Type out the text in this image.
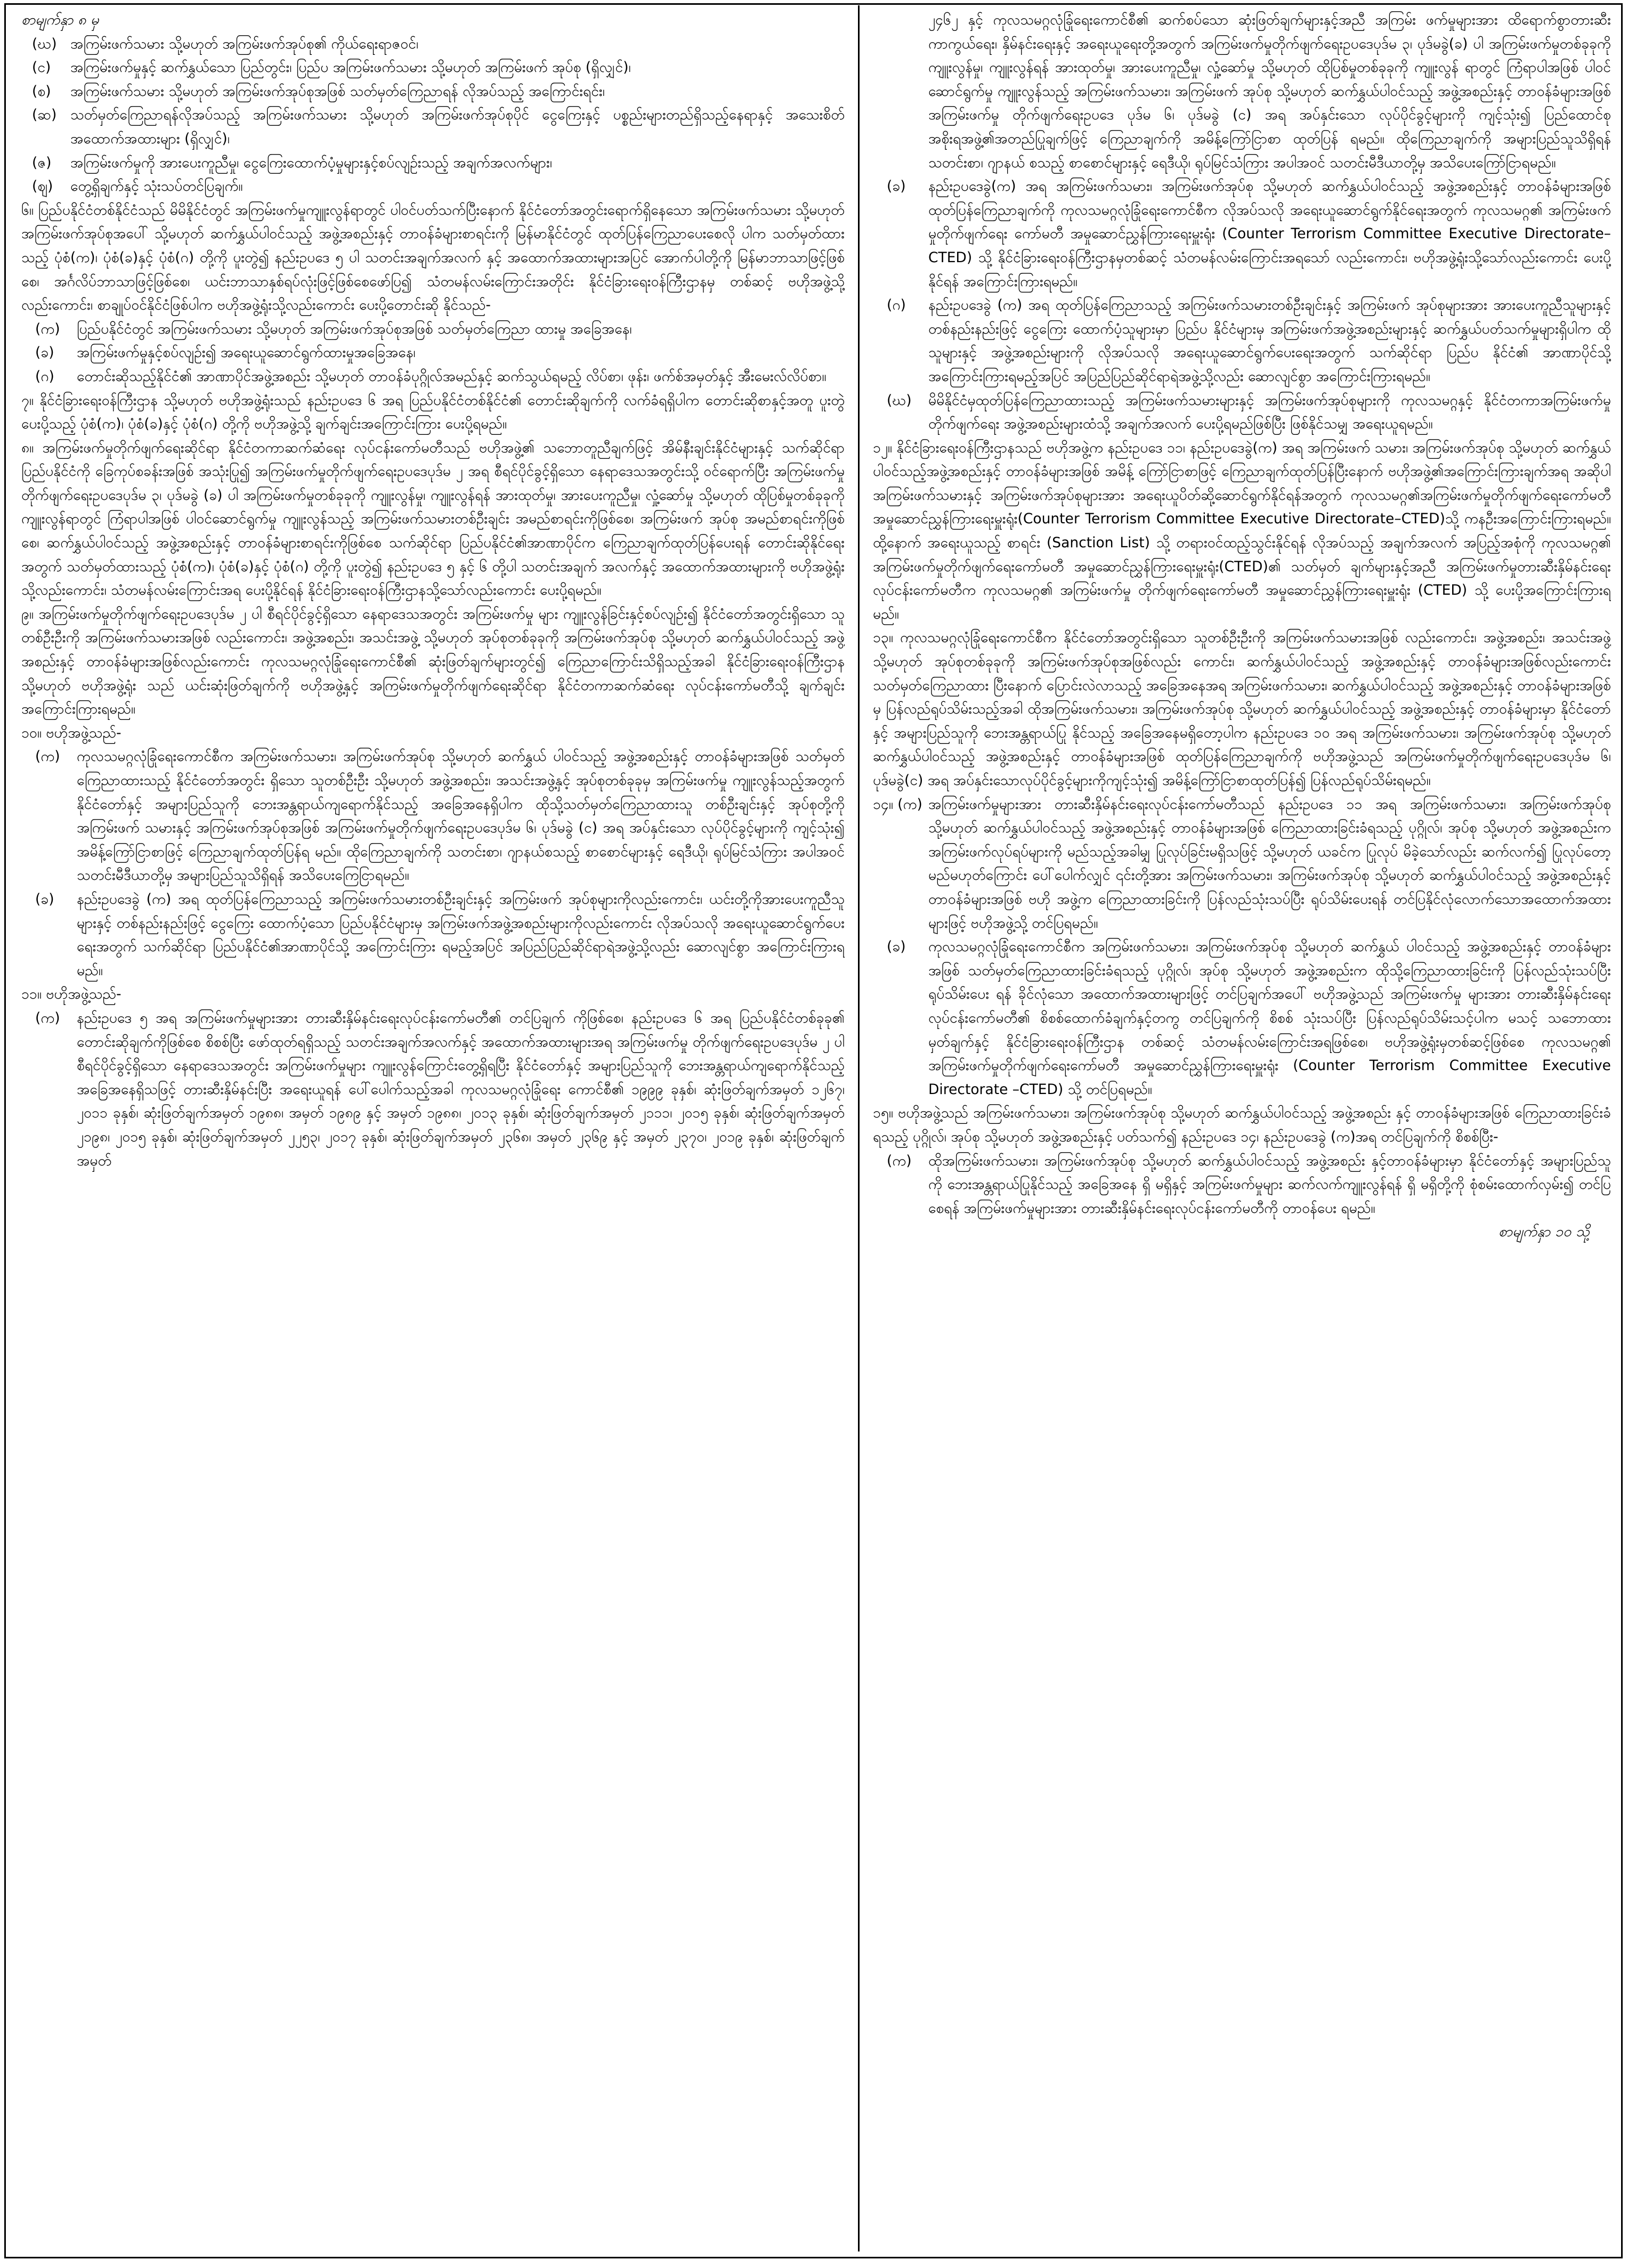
စာမျက်နှာ ၈ မှ
(ဃ) အကြမ်းဖက်သမား သို့မဟုတ် အကြမ်းဖက်အုပ်စု၏ ကိုယ်ရေးရာဇဝင်၊
(င)	အကြမ်းဖက်မှုနှင့် ဆက်နွှယ်သော ပြည်တွင်း၊ ပြည်ပ အကြမ်းဖက်သမား သို့မဟုတ် အကြမ်းဖက် အုပ်စု (ရှိလျှင်)၊
(စ)	အကြမ်းဖက်သမား သို့မဟုတ် အကြမ်းဖက်အုပ်စုအဖြစ် သတ်မှတ်ကြေညာရန် လိုအပ်သည့် အကြောင်းရင်း၊
(ဆ) သတ်မှတ်ကြေညာရန်လိုအပ်သည့် အကြမ်းဖက်သမား သို့မဟုတ် အကြမ်းဖက်အုပ်စုပိုင် ငွေကြေးနှင့် ပစ္စည်းများတည်ရှိသည့်နေရာနှင့် အသေးစိတ်အထောက်အထားများ (ရှိလျှင်)၊
(ဇ)	အကြမ်းဖက်မှုကို အားပေးကူညီမှု၊ ငွေကြေးထောက်ပံ့မှုများနှင့်စပ်လျဉ်းသည့် အချက်အလက်များ၊
(ဈ)	တွေ့ရှိချက်နှင့် သုံးသပ်တင်ပြချက်။

၆။ ပြည်ပနိုင်ငံတစ်နိုင်ငံသည် မိမိနိုင်ငံတွင် အကြမ်းဖက်မှုကျူးလွန်ရာတွင် ပါဝင်ပတ်သက်ပြီးနောက် နိုင်ငံတော်အတွင်းရောက်ရှိနေသော အကြမ်းဖက်သမား သို့မဟုတ် အကြမ်းဖက်အုပ်စုအပေါ် သို့မဟုတ် ဆက်နွှယ်ပါဝင်သည့် အဖွဲ့အစည်းနှင့် တာဝန်ခံများစာရင်းကို မြန်မာနိုင်ငံတွင် ထုတ်ပြန်ကြေညာပေးစေလို ပါက သတ်မှတ်ထားသည့် ပုံစံ(က)၊ ပုံစံ(ခ)နှင့် ပုံစံ(ဂ) တို့ကို ပူးတွဲ၍ နည်းဥပဒေ ၅ ပါ သတင်းအချက်အလက် နှင့် အထောက်အထားများအပြင် အောက်ပါတို့ကို မြန်မာဘာသာဖြင့်ဖြစ်စေ၊ အင်္ဂလိပ်ဘာသာဖြင့်ဖြစ်စေ၊ ယင်းဘာသာနှစ်ရပ်လုံးဖြင့်ဖြစ်စေဖော်ပြ၍ သံတမန်လမ်းကြောင်းအတိုင်း နိုင်ငံခြားရေးဝန်ကြီးဌာနမှ တစ်ဆင့် ဗဟိုအဖွဲ့သို့လည်းကောင်း၊ စာချုပ်ဝင်နိုင်ငံဖြစ်ပါက ဗဟိုအဖွဲ့ရုံးသို့လည်းကောင်း ပေးပို့တောင်းဆို နိုင်သည်-

(က)	ပြည်ပနိုင်ငံတွင် အကြမ်းဖက်သမား သို့မဟုတ် အကြမ်းဖက်အုပ်စုအဖြစ် သတ်မှတ်ကြေညာ ထားမှု အခြေအနေ၊
(ခ)	အကြမ်းဖက်မှုနှင့်စပ်လျဉ်း၍ အရေးယူဆောင်ရွက်ထားမှုအခြေအနေ၊
(ဂ)	တောင်းဆိုသည့်နိုင်ငံ၏ အာဏာပိုင်အဖွဲ့အစည်း သို့မဟုတ် တာဝန်ခံပုဂ္ဂိုလ်အမည်နှင့် ဆက်သွယ်ရမည့် လိပ်စာ၊ ဖုန်း၊ ဖက်စ်အမှတ်နှင့် အီးမေးလ်လိပ်စာ။

၇။ နိုင်ငံခြားရေးဝန်ကြီးဌာန သို့မဟုတ် ဗဟိုအဖွဲ့ရုံးသည် နည်းဥပဒေ ၆ အရ ပြည်ပနိုင်ငံတစ်နိုင်ငံ၏ တောင်းဆိုချက်ကို လက်ခံရရှိပါက တောင်းဆိုစာနှင့်အတူ ပူးတွဲပေးပို့သည့် ပုံစံ(က)၊ ပုံစံ(ခ)နှင့် ပုံစံ(ဂ) တို့ကို ဗဟိုအဖွဲ့သို့ ချက်ချင်းအကြောင်းကြား ပေးပို့ရမည်။

၈။ အကြမ်းဖက်မှုတိုက်ဖျက်ရေးဆိုင်ရာ နိုင်ငံတကာဆက်ဆံရေး လုပ်ငန်းကော်မတီသည် ဗဟိုအဖွဲ့၏ သဘောတူညီချက်ဖြင့် အိမ်နီးချင်းနိုင်ငံများနှင့် သက်ဆိုင်ရာပြည်ပနိုင်ငံကို ခြေကုပ်စခန်းအဖြစ် အသုံးပြု၍ အကြမ်းဖက်မှုတိုက်ဖျက်ရေးဥပဒေပုဒ်မ ၂ အရ စီရင်ပိုင်ခွင့်ရှိသော နေရာဒေသအတွင်းသို့ ဝင်ရောက်ပြီး အကြမ်းဖက်မှုတိုက်ဖျက်ရေးဥပဒေပုဒ်မ ၃၊ ပုဒ်မခွဲ (ခ) ပါ အကြမ်းဖက်မှုတစ်ခုခုကို ကျူးလွန်မှု၊ ကျူးလွန်ရန် အားထုတ်မှု၊ အားပေးကူညီမှု၊ လှုံ့ဆော်မှု သို့မဟုတ် ထိုပြစ်မှုတစ်ခုခုကို ကျူးလွန်ရာတွင် ကြံရာပါအဖြစ် ပါဝင်ဆောင်ရွက်မှု ကျူးလွန်သည့် အကြမ်းဖက်သမားတစ်ဦးချင်း အမည်စာရင်းကိုဖြစ်စေ၊ အကြမ်းဖက် အုပ်စု အမည်စာရင်းကိုဖြစ်စေ၊ ဆက်နွှယ်ပါဝင်သည့် အဖွဲ့အစည်းနှင့် တာဝန်ခံများစာရင်းကိုဖြစ်စေ သက်ဆိုင်ရာ ပြည်ပနိုင်ငံ၏အာဏာပိုင်က ကြေညာချက်ထုတ်ပြန်ပေးရန် တောင်းဆိုနိုင်ရေးအတွက် သတ်မှတ်ထားသည့် ပုံစံ(က)၊ ပုံစံ(ခ)နှင့် ပုံစံ(ဂ) တို့ကို ပူးတွဲ၍ နည်းဥပဒေ ၅ နှင့် ၆ တို့ပါ သတင်းအချက် အလက်နှင့် အထောက်အထားများကို ဗဟိုအဖွဲ့ရုံးသို့လည်းကောင်း၊ သံတမန်လမ်းကြောင်းအရ ပေးပို့နိုင်ရန် နိုင်ငံခြားရေးဝန်ကြီးဌာနသို့သော်လည်းကောင်း ပေးပို့ရမည်။

၉။ အကြမ်းဖက်မှုတိုက်ဖျက်ရေးဥပဒေပုဒ်မ ၂ ပါ စီရင်ပိုင်ခွင့်ရှိသော နေရာဒေသအတွင်း အကြမ်းဖက်မှု များ ကျူးလွန်ခြင်းနှင့်စပ်လျဉ်း၍ နိုင်ငံတော်အတွင်းရှိသော သူတစ်ဦးဦးကို အကြမ်းဖက်သမားအဖြစ် လည်းကောင်း၊ အဖွဲ့အစည်း၊ အသင်းအဖွဲ့ သို့မဟုတ် အုပ်စုတစ်ခုခုကို အကြမ်းဖက်အုပ်စု သို့မဟုတ် ဆက်နွှယ်ပါဝင်သည့် အဖွဲ့အစည်းနှင့် တာဝန်ခံများအဖြစ်လည်းကောင်း ကုလသမဂ္ဂလုံခြုံရေးကောင်စီ၏ ဆုံးဖြတ်ချက်များတွင်၍ ကြေညာကြောင်းသိရှိသည့်အခါ နိုင်ငံခြားရေးဝန်ကြီးဌာန သို့မဟုတ် ဗဟိုအဖွဲ့ရုံး သည် ယင်းဆုံးဖြတ်ချက်ကို ဗဟိုအဖွဲ့နှင့် အကြမ်းဖက်မှုတိုက်ဖျက်ရေးဆိုင်ရာ နိုင်ငံတကာဆက်ဆံရေး လုပ်ငန်းကော်မတီသို့ ချက်ချင်းအကြောင်းကြားရမည်။

၁၀။ ဗဟိုအဖွဲ့သည်-

(က)	ကုလသမဂ္ဂလုံခြုံရေးကောင်စီက အကြမ်းဖက်သမား၊ အကြမ်းဖက်အုပ်စု သို့မဟုတ် ဆက်နွှယ် ပါဝင်သည့် အဖွဲ့အစည်းနှင့် တာဝန်ခံများအဖြစ် သတ်မှတ်ကြေညာထားသည့် နိုင်ငံတော်အတွင်း ရှိသော သူတစ်ဦးဦး သို့မဟုတ် အဖွဲ့အစည်း၊ အသင်းအဖွဲ့နှင့် အုပ်စုတစ်ခုခုမှ အကြမ်းဖက်မှု ကျူးလွန်သည့်အတွက် နိုင်ငံတော်နှင့် အများပြည်သူကို ဘေးအန္တရာယ်ကျရောက်နိုင်သည့် အခြေအနေရှိပါက ထိုသို့သတ်မှတ်ကြေညာထားသူ တစ်ဦးချင်းနှင့် အုပ်စုတို့ကို အကြမ်းဖက် သမားနှင့် အကြမ်းဖက်အုပ်စုအဖြစ် အကြမ်းဖက်မှုတိုက်ဖျက်ရေးဥပဒေပုဒ်မ ၆၊ ပုဒ်မခွဲ (င) အရ အပ်နှင်းသော လုပ်ပိုင်ခွင့်များကို ကျင့်သုံး၍ အမိန့်ကြော်ငြာစာဖြင့် ကြေညာချက်ထုတ်ပြန်ရ မည်။ ထိုကြေညာချက်ကို သတင်းစာ၊ ဂျာနယ်စသည့် စာစောင်များနှင့် ရေဒီယို၊ ရုပ်မြင်သံကြား အပါအဝင် သတင်းမီဒီယာတို့မှ အများပြည်သူသိရှိရန် အသိပေးကြေငြာရမည်။
(ခ)	နည်းဥပဒေခွဲ (က) အရ ထုတ်ပြန်ကြေညာသည့် အကြမ်းဖက်သမားတစ်ဦးချင်းနှင့် အကြမ်းဖက် အုပ်စုများကိုလည်းကောင်း၊ ယင်းတို့ကိုအားပေးကူညီသူများနှင့် တစ်နည်းနည်းဖြင့် ငွေကြေး ထောက်ပံ့သော ပြည်ပနိုင်ငံများမှ အကြမ်းဖက်အဖွဲ့အစည်းများကိုလည်းကောင်း လိုအပ်သလို အရေးယူဆောင်ရွက်ပေးရေးအတွက် သက်ဆိုင်ရာ ပြည်ပနိုင်ငံ၏အာဏာပိုင်သို့ အကြောင်းကြား ရမည့်အပြင် အပြည်ပြည်ဆိုင်ရာရဲအဖွဲ့သို့လည်း ဆောလျင်စွာ အကြောင်းကြားရမည်။

၁၁။ ဗဟိုအဖွဲ့သည်-

(က)	နည်းဥပဒေ ၅ အရ အကြမ်းဖက်မှုများအား တားဆီးနှိမ်နင်းရေးလုပ်ငန်းကော်မတီ၏ တင်ပြချက် ကိုဖြစ်စေ၊ နည်းဥပဒေ ၆ အရ ပြည်ပနိုင်ငံတစ်ခုခု၏ တောင်းဆိုချက်ကိုဖြစ်စေ စိစစ်ပြီး ဖော်ထုတ်ရရှိသည့် သတင်းအချက်အလက်နှင့် အထောက်အထားများအရ အကြမ်းဖက်မှု တိုက်ဖျက်ရေးဥပဒေပုဒ်မ ၂ ပါ စီရင်ပိုင်ခွင့်ရှိသော နေရာဒေသအတွင်း အကြမ်းဖက်မှုများ ကျူးလွန်ကြောင်းတွေ့ရှိရပြီး နိုင်ငံတော်နှင့် အများပြည်သူကို ဘေးအန္တရာယ်ကျရောက်နိုင်သည့် အခြေအနေရှိသဖြင့် တားဆီးနှိမ်နင်းပြီး အရေးယူရန် ပေါ်ပေါက်သည့်အခါ ကုလသမဂ္ဂလုံခြုံရေး ကောင်စီ၏ ၁၉၉၉ ခုနှစ်၊ ဆုံးဖြတ်ချက်အမှတ် ၁၂၆၇၊ ၂၀၁၁ ခုနှစ်၊ ဆုံးဖြတ်ချက်အမှတ် ၁၉၈၈၊ အမှတ် ၁၉၈၉ နှင့် အမှတ် ၁၉၈၈၊ ၂၀၁၃ ခုနှစ်၊ ဆုံးဖြတ်ချက်အမှတ် ၂၁၁၁၊ ၂၀၁၅ ခုနှစ်၊ ဆုံးဖြတ်ချက်အမှတ် ၂၁၉၈၊ ၂၀၁၅ ခုနှစ်၊ ဆုံးဖြတ်ချက်အမှတ် ၂၂၅၃၊ ၂၀၁၇ ခုနှစ်၊ ဆုံးဖြတ်ချက်အမှတ် ၂၃၆၈၊ အမှတ် ၂၃၆၉ နှင့် အမှတ် ၂၃၇၀၊ ၂၀၁၉ ခုနှစ်၊ ဆုံးဖြတ်ချက်အမှတ်
၂၄၆၂ နှင့် ကုလသမဂ္ဂလုံခြုံရေးကောင်စီ၏ ဆက်စပ်သော ဆုံးဖြတ်ချက်များနှင့်အညီ အကြမ်း ဖက်မှုများအား ထိရောက်စွာတားဆီးကာကွယ်ရေး၊ နှိမ်နင်းရေးနှင့် အရေးယူရေးတို့အတွက် အကြမ်းဖက်မှုတိုက်ဖျက်ရေးဥပဒေပုဒ်မ ၃၊ ပုဒ်မခွဲ(ခ) ပါ အကြမ်းဖက်မှုတစ်ခုခုကို ကျူးလွန်မှု၊ ကျူးလွန်ရန် အားထုတ်မှု၊ အားပေးကူညီမှု၊ လှုံ့ဆော်မှု သို့မဟုတ် ထိုပြစ်မှုတစ်ခုခုကို ကျူးလွန် ရာတွင် ကြံရာပါအဖြစ် ပါဝင်ဆောင်ရွက်မှု ကျူးလွန်သည့် အကြမ်းဖက်သမား၊ အကြမ်းဖက် အုပ်စု သို့မဟုတ် ဆက်နွှယ်ပါဝင်သည့် အဖွဲ့အစည်းနှင့် တာဝန်ခံများအဖြစ် အကြမ်းဖက်မှု တိုက်ဖျက်ရေးဥပဒေ ပုဒ်မ ၆၊ ပုဒ်မခွဲ (င) အရ အပ်နှင်းသော လုပ်ပိုင်ခွင့်များကို ကျင့်သုံး၍ ပြည်ထောင်စုအစိုးရအဖွဲ့၏အတည်ပြုချက်ဖြင့် ကြေညာချက်ကို အမိန့်ကြော်ငြာစာ ထုတ်ပြန် ရမည်။ ထိုကြေညာချက်ကို အများပြည်သူသိရှိရန် သတင်းစာ၊ ဂျာနယ် စသည့် စာစောင်များနှင့် ရေဒီယို၊ ရုပ်မြင်သံကြား အပါအဝင် သတင်းမီဒီယာတို့မှ အသိပေးကြော်ငြာရမည်။
(ခ)	နည်းဥပဒေခွဲ(က) အရ အကြမ်းဖက်သမား၊ အကြမ်းဖက်အုပ်စု သို့မဟုတ် ဆက်နွှယ်ပါဝင်သည့် အဖွဲ့အစည်းနှင့် တာဝန်ခံများအဖြစ် ထုတ်ပြန်ကြေညာချက်ကို ကုလသမဂ္ဂလုံခြုံရေးကောင်စီက လိုအပ်သလို အရေးယူဆောင်ရွက်နိုင်ရေးအတွက် ကုလသမဂ္ဂ၏ အကြမ်းဖက်မှုတိုက်ဖျက်ရေး ကော်မတီ အမှုဆောင်ညွှန်ကြားရေးမှူးရုံး (Counter Terrorism Committee Executive Directorate–CTED) သို့ နိုင်ငံခြားရေးဝန်ကြီးဌာနမှတစ်ဆင့် သံတမန်လမ်းကြောင်းအရသော် လည်းကောင်း၊ ဗဟိုအဖွဲ့ရုံးသို့သော်လည်းကောင်း ပေးပို့နိုင်ရန် အကြောင်းကြားရမည်။
(ဂ)	နည်းဥပဒေခွဲ (က) အရ ထုတ်ပြန်ကြေညာသည့် အကြမ်းဖက်သမားတစ်ဦးချင်းနှင့် အကြမ်းဖက် အုပ်စုများအား အားပေးကူညီသူများနှင့် တစ်နည်းနည်းဖြင့် ငွေကြေး ထောက်ပံ့သူများမှာ ပြည်ပ နိုင်ငံများမှ အကြမ်းဖက်အဖွဲ့အစည်းများနှင့် ဆက်နွှယ်ပတ်သက်မှုများရှိပါက ထိုသူများနှင့် အဖွဲ့အစည်းများကို လိုအပ်သလို အရေးယူဆောင်ရွက်ပေးရေးအတွက် သက်ဆိုင်ရာ ပြည်ပ နိုင်ငံ၏ အာဏာပိုင်သို့ အကြောင်းကြားရမည့်အပြင် အပြည်ပြည်ဆိုင်ရာရဲအဖွဲ့သို့လည်း ဆောလျင်စွာ အကြောင်းကြားရမည်။
(ဃ)	မိမိနိုင်ငံမှထုတ်ပြန်ကြေညာထားသည့် အကြမ်းဖက်သမားများနှင့် အကြမ်းဖက်အုပ်စုများကို ကုလသမဂ္ဂနှင့် နိုင်ငံတကာအကြမ်းဖက်မှုတိုက်ဖျက်ရေး အဖွဲ့အစည်းများထံသို့ အချက်အလက် ပေးပို့ရမည်ဖြစ်ပြီး ဖြစ်နိုင်သမျှ အရေးယူရမည်။

၁၂။ နိုင်ငံခြားရေးဝန်ကြီးဌာနသည် ဗဟိုအဖွဲ့က နည်းဥပဒေ ၁၁၊ နည်းဥပဒေခွဲ(က) အရ အကြမ်းဖက် သမား၊ အကြမ်းဖက်အုပ်စု သို့မဟုတ် ဆက်နွှယ်ပါဝင်သည့်အဖွဲ့အစည်းနှင့် တာဝန်ခံများအဖြစ် အမိန့် ကြော်ငြာစာဖြင့် ကြေညာချက်ထုတ်ပြန်ပြီးနောက် ဗဟိုအဖွဲ့၏အကြောင်းကြားချက်အရ အဆိုပါ အကြမ်းဖက်သမားနှင့် အကြမ်းဖက်အုပ်စုများအား အရေးယူပိတ်ဆို့ဆောင်ရွက်နိုင်ရန်အတွက် ကုလသမဂ္ဂ၏အကြမ်းဖက်မှုတိုက်ဖျက်ရေးကော်မတီ အမှုဆောင်ညွှန်ကြားရေးမှူးရုံး(Counter Terrorism Committee Executive Directorate–CTED)သို့ ကနဦးအကြောင်းကြားရမည်။ ထို့နောက် အရေးယူသည့် စာရင်း (Sanction List) သို့ တရားဝင်ထည့်သွင်းနိုင်ရန် လိုအပ်သည့် အချက်အလက် အပြည့်အစုံကို ကုလသမဂ္ဂ၏ အကြမ်းဖက်မှုတိုက်ဖျက်ရေးကော်မတီ အမှုဆောင်ညွှန်ကြားရေးမှူးရုံး(CTED)၏ သတ်မှတ် ချက်များနှင့်အညီ အကြမ်းဖက်မှုတားဆီးနှိမ်နင်းရေးလုပ်ငန်းကော်မတီက ကုလသမဂ္ဂ၏ အကြမ်းဖက်မှု တိုက်ဖျက်ရေးကော်မတီ အမှုဆောင်ညွှန်ကြားရေးမှူးရုံး (CTED) သို့ ပေးပို့အကြောင်းကြားရမည်။

၁၃။ ကုလသမဂ္ဂလုံခြုံရေးကောင်စီက နိုင်ငံတော်အတွင်းရှိသော သူတစ်ဦးဦးကို အကြမ်းဖက်သမားအဖြစ် လည်းကောင်း၊ အဖွဲ့အစည်း၊ အသင်းအဖွဲ့ သို့မဟုတ် အုပ်စုတစ်ခုခုကို အကြမ်းဖက်အုပ်စုအဖြစ်လည်း ကောင်း၊ ဆက်နွှယ်ပါဝင်သည့် အဖွဲ့အစည်းနှင့် တာဝန်ခံများအဖြစ်လည်းကောင်း သတ်မှတ်ကြေညာထား ပြီးနောက် ပြောင်းလဲလာသည့် အခြေအနေအရ အကြမ်းဖက်သမား၊ ဆက်နွှယ်ပါဝင်သည့် အဖွဲ့အစည်းနှင့် တာဝန်ခံများအဖြစ်မှ ပြန်လည်ရုပ်သိမ်းသည့်အခါ ထိုအကြမ်းဖက်သမား၊ အကြမ်းဖက်အုပ်စု သို့မဟုတ် ဆက်နွှယ်ပါဝင်သည့် အဖွဲ့အစည်းနှင့် တာဝန်ခံများမှာ နိုင်ငံတော်နှင့် အများပြည်သူကို ဘေးအန္တရာယ်ပြု နိုင်သည့် အခြေအနေမရှိတော့ပါက နည်းဥပဒေ ၁၀ အရ အကြမ်းဖက်သမား၊ အကြမ်းဖက်အုပ်စု သို့မဟုတ် ဆက်နွှယ်ပါဝင်သည့် အဖွဲ့အစည်းနှင့် တာဝန်ခံများအဖြစ် ထုတ်ပြန်ကြေညာချက်ကို ဗဟိုအဖွဲ့သည် အကြမ်းဖက်မှုတိုက်ဖျက်ရေးဥပဒေပုဒ်မ ၆၊ ပုဒ်မခွဲ(င) အရ အပ်နှင်းသောလုပ်ပိုင်ခွင့်များကိုကျင့်သုံး၍ အမိန့်ကြော်ငြာစာထုတ်ပြန်၍ ပြန်လည်ရုပ်သိမ်းရမည်။

၁၄။ (က) အကြမ်းဖက်မှုများအား တားဆီးနှိမ်နင်းရေးလုပ်ငန်းကော်မတီသည် နည်းဥပဒေ ၁၁ အရ အကြမ်းဖက်သမား၊ အကြမ်းဖက်အုပ်စု သို့မဟုတ် ဆက်နွှယ်ပါဝင်သည့် အဖွဲ့အစည်းနှင့် တာဝန်ခံများအဖြစ် ကြေညာထားခြင်းခံရသည့် ပုဂ္ဂိုလ်၊ အုပ်စု သို့မဟုတ် အဖွဲ့အစည်းက အကြမ်းဖက်လုပ်ရပ်များကို မည်သည့်အခါမျှ ပြုလုပ်ခြင်းမရှိသဖြင့် သို့မဟုတ် ယခင်က ပြုလုပ် မိခဲ့သော်လည်း ဆက်လက်၍ ပြုလုပ်တော့မည်မဟုတ်ကြောင်း ပေါ်ပေါက်လျှင် ၎င်းတို့အား အကြမ်းဖက်သမား၊ အကြမ်းဖက်အုပ်စု သို့မဟုတ် ဆက်နွှယ်ပါဝင်သည့် အဖွဲ့အစည်းနှင့်တာဝန်ခံများအဖြစ် ဗဟို အဖွဲ့က ကြေညာထားခြင်းကို ပြန်လည်သုံးသပ်ပြီး ရုပ်သိမ်းပေးရန် တင်ပြနိုင်လုံလောက်သောအထောက်အထား များဖြင့် ဗဟိုအဖွဲ့သို့ တင်ပြရမည်။
(ခ)	ကုလသမဂ္ဂလုံခြုံရေးကောင်စီက အကြမ်းဖက်သမား၊ အကြမ်းဖက်အုပ်စု သို့မဟုတ် ဆက်နွှယ် ပါဝင်သည့် အဖွဲ့အစည်းနှင့် တာဝန်ခံများအဖြစ် သတ်မှတ်ကြေညာထားခြင်းခံရသည့် ပုဂ္ဂိုလ်၊ အုပ်စု သို့မဟုတ် အဖွဲ့အစည်းက ထိုသို့ကြေညာထားခြင်းကို ပြန်လည်သုံးသပ်ပြီး ရုပ်သိမ်းပေး ရန် ခိုင်လုံသော အထောက်အထားများဖြင့် တင်ပြချက်အပေါ် ဗဟိုအဖွဲ့သည် အကြမ်းဖက်မှု များအား တားဆီးနှိမ်နင်းရေးလုပ်ငန်းကော်မတီ၏ စိစစ်ထောက်ခံချက်နှင့်တကွ တင်ပြချက်ကို စိစစ် သုံးသပ်ပြီး ပြန်လည်ရုပ်သိမ်းသင့်ပါက မသင့် သဘောထားမှတ်ချက်နှင့် နိုင်ငံခြားရေးဝန်ကြီးဌာန တစ်ဆင့် သံတမန်လမ်းကြောင်းအရဖြစ်စေ၊ ဗဟိုအဖွဲ့ရုံးမှတစ်ဆင့်ဖြစ်စေ ကုလသမဂ္ဂ၏ အကြမ်းဖက်မှုတိုက်ဖျက်ရေးကော်မတီ အမှုဆောင်ညွှန်ကြားရေးမှူးရုံး (Counter Terrorism Committee Executive Directorate –CTED) သို့ တင်ပြရမည်။

၁၅။ ဗဟိုအဖွဲ့သည် အကြမ်းဖက်သမား၊ အကြမ်းဖက်အုပ်စု သို့မဟုတ် ဆက်နွှယ်ပါဝင်သည့် အဖွဲ့အစည်း နှင့် တာဝန်ခံများအဖြစ် ကြေညာထားခြင်းခံရသည့် ပုဂ္ဂိုလ်၊ အုပ်စု သို့မဟုတ် အဖွဲ့အစည်းနှင့် ပတ်သက်၍ နည်းဥပဒေ ၁၄၊ နည်းဥပဒေခွဲ (က)အရ တင်ပြချက်ကို စိစစ်ပြီး-

(က)	ထိုအကြမ်းဖက်သမား၊ အကြမ်းဖက်အုပ်စု သို့မဟုတ် ဆက်နွှယ်ပါဝင်သည့် အဖွဲ့အစည်း နှင့်တာဝန်ခံများမှာ နိုင်ငံတော်နှင့် အများပြည်သူကို ဘေးအန္တရာယ်ပြုနိုင်သည့် အခြေအနေ ရှိ မရှိနှင့် အကြမ်းဖက်မှုများ ဆက်လက်ကျူးလွန်ရန် ရှိ မရှိတို့ကို စုံစမ်းထောက်လှမ်း၍ တင်ပြစေရန် အကြမ်းဖက်မှုများအား တားဆီးနှိမ်နင်းရေးလုပ်ငန်းကော်မတီကို တာဝန်ပေး ရမည်။
စာမျက်နှာ ၁၀ သို့
